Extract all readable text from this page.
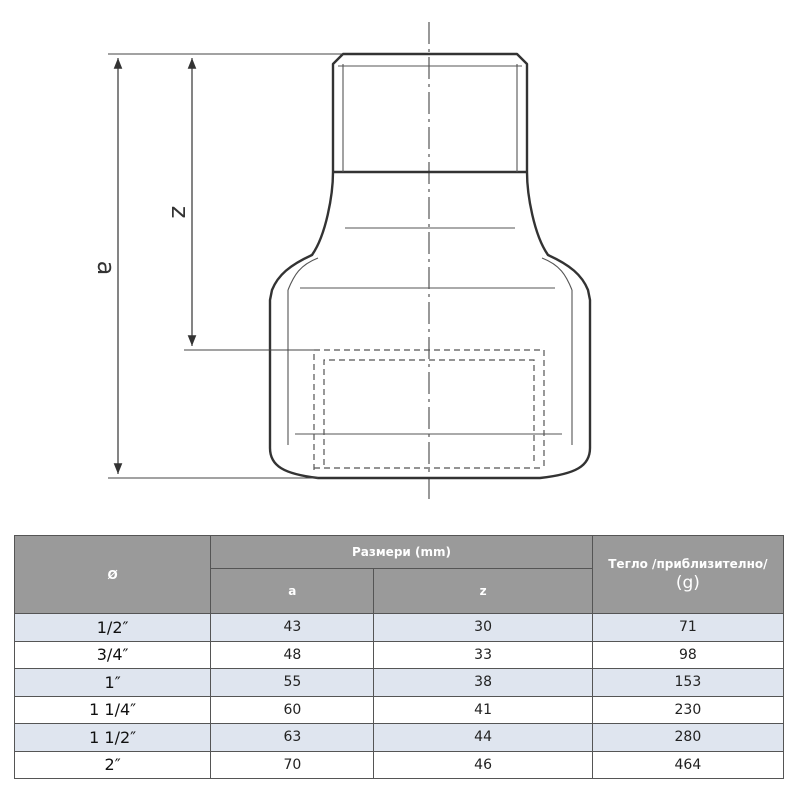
a
z
Ø	Размери (mm)		Тегло /приблизително/
(g)

	a	z	
1/2″	43	30	71
3/4″	48	33	98
1″	55	38	153
1 1/4″	60	41	230
1 1/2″	63	44	280
2″	70	46	464
